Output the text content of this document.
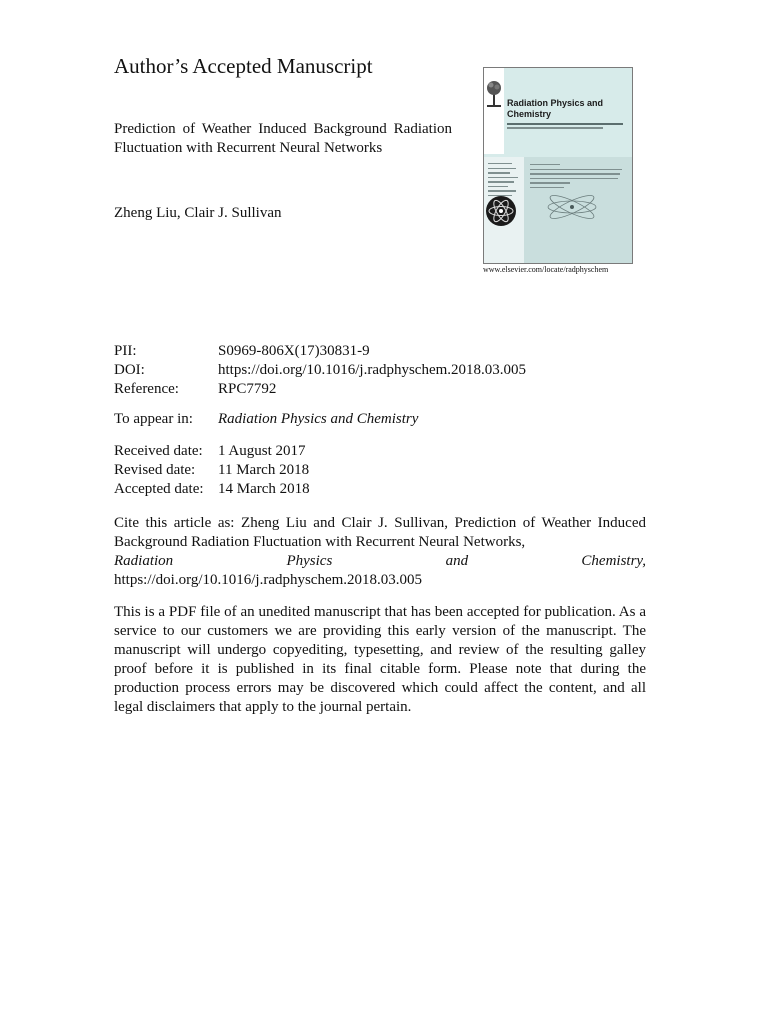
Author’s Accepted Manuscript

Prediction of Weather Induced Background Radiation Fluctuation with Recurrent Neural Networks

Zheng Liu, Clair J. Sullivan
Radiation Physics and Chemistry
www.elsevier.com/locate/radphyschem
PII:	S0969-806X(17)30831-9
DOI:	https://doi.org/10.1016/j.radphyschem.2018.03.005
Reference:	RPC7792
To appear in: Radiation Physics and Chemistry
Received date:	1 August 2017
Revised date:	11 March 2018
Accepted date:	14 March 2018
Cite this article as: Zheng Liu and Clair J. Sullivan, Prediction of Weather Induced Background Radiation Fluctuation with Recurrent Neural Networks,
Radiation Physics and Chemistry,
https://doi.org/10.1016/j.radphyschem.2018.03.005

This is a PDF file of an unedited manuscript that has been accepted for publication. As a service to our customers we are providing this early version of the manuscript. The manuscript will undergo copyediting, typesetting, and review of the resulting galley proof before it is published in its final citable form. Please note that during the production process errors may be discovered which could affect the content, and all legal disclaimers that apply to the journal pertain.
